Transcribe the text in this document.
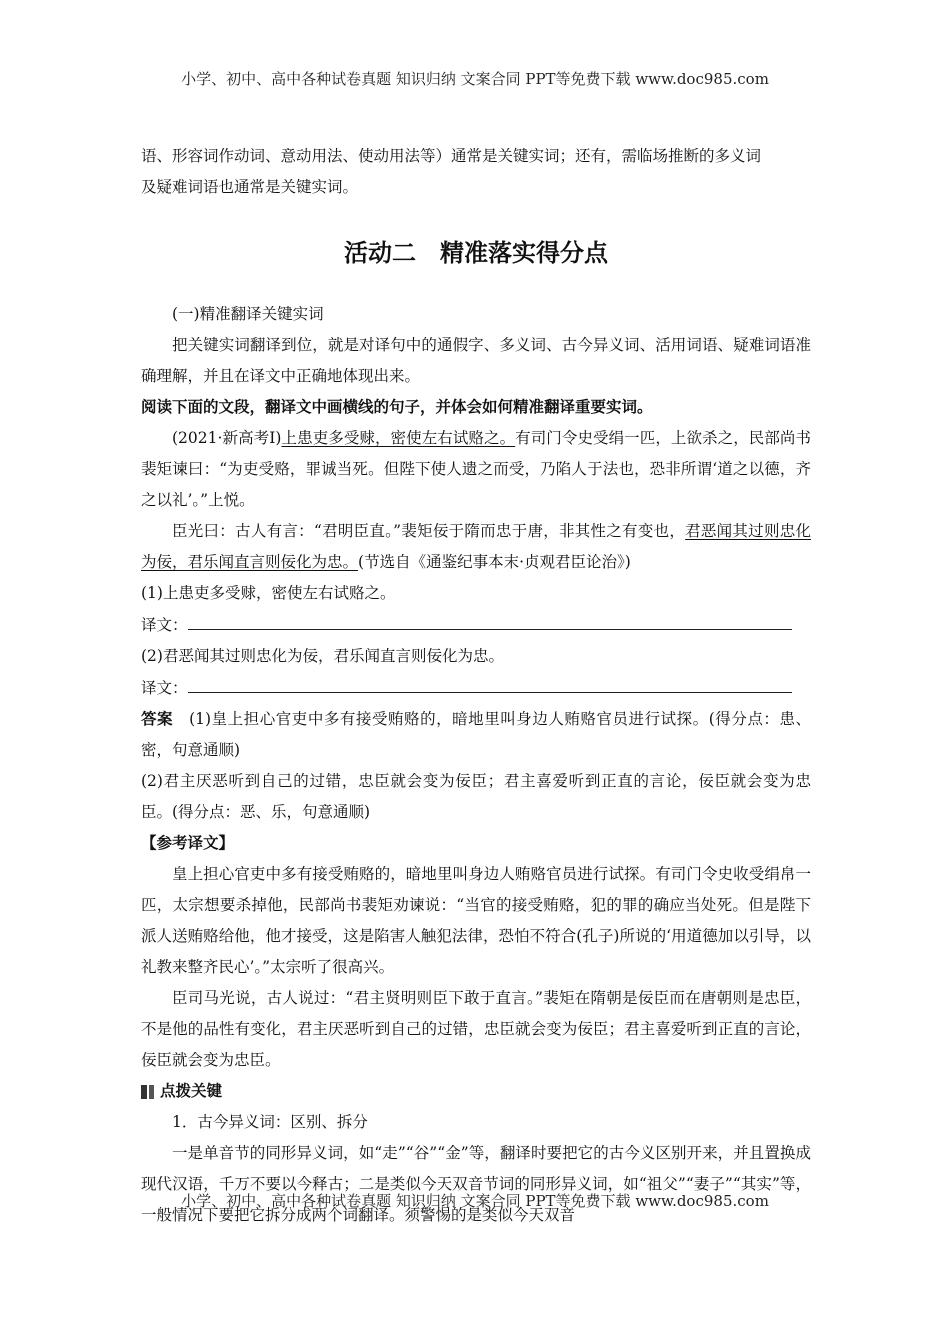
小学、初中、高中各种试卷真题 知识归纳 文案合同 PPT等免费下载 www.doc985.com

语、形容词作动词、意动用法、使动用法等）通常是关键实词；还有，需临场推断的多义词

及疑难词语也通常是关键实词。

活动二　精准落实得分点

(一)精准翻译关键实词

把关键实词翻译到位，就是对译句中的通假字、多义词、古今异义词、活用词语、疑难词语准确理解，并且在译文中正确地体现出来。

阅读下面的文段，翻译文中画横线的句子，并体会如何精准翻译重要实词。

(2021·新高考Ⅰ)上患吏多受赇，密使左右试赂之。有司门令史受绢一匹，上欲杀之，民部尚书裴矩谏曰：“为吏受赂，罪诚当死。但陛下使人遗之而受，乃陷人于法也，恐非所谓‘道之以德，齐之以礼’。”上悦。

臣光曰：古人有言：“君明臣直。”裴矩佞于隋而忠于唐，非其性之有变也，君恶闻其过则忠化为佞，君乐闻直言则佞化为忠。(节选自《通鉴纪事本末·贞观君臣论治》)

(1)上患吏多受赇，密使左右试赂之。

译文：

(2)君恶闻其过则忠化为佞，君乐闻直言则佞化为忠。

译文：

答案　 (1)皇上担心官吏中多有接受贿赂的，暗地里叫身边人贿赂官员进行试探。(得分点：患、密，句意通顺)

(2)君主厌恶听到自己的过错，忠臣就会变为佞臣；君主喜爱听到正直的言论，佞臣就会变为忠臣。(得分点：恶、乐，句意通顺)

【参考译文】

皇上担心官吏中多有接受贿赂的，暗地里叫身边人贿赂官员进行试探。有司门令史收受绢帛一匹，太宗想要杀掉他，民部尚书裴矩劝谏说：“当官的接受贿赂，犯的罪的确应当处死。但是陛下派人送贿赂给他，他才接受，这是陷害人触犯法律，恐怕不符合(孔子)所说的‘用道德加以引导，以礼教来整齐民心’。”太宗听了很高兴。

臣司马光说，古人说过：“君主贤明则臣下敢于直言。”裴矩在隋朝是佞臣而在唐朝则是忠臣，不是他的品性有变化，君主厌恶听到自己的过错，忠臣就会变为佞臣；君主喜爱听到正直的言论，佞臣就会变为忠臣。

点拨关键

1．古今异义词：区别、拆分

一是单音节的同形异义词，如“走”“谷”“金”等，翻译时要把它的古今义区别开来，并且置换成现代汉语，千万不要以今释古；二是类似今天双音节词的同形异义词，如“祖父”“妻子”“其实”等，一般情况下要把它拆分成两个词翻译。须警惕的是类似今天双音

小学、初中、高中各种试卷真题 知识归纳 文案合同 PPT等免费下载 www.doc985.com
